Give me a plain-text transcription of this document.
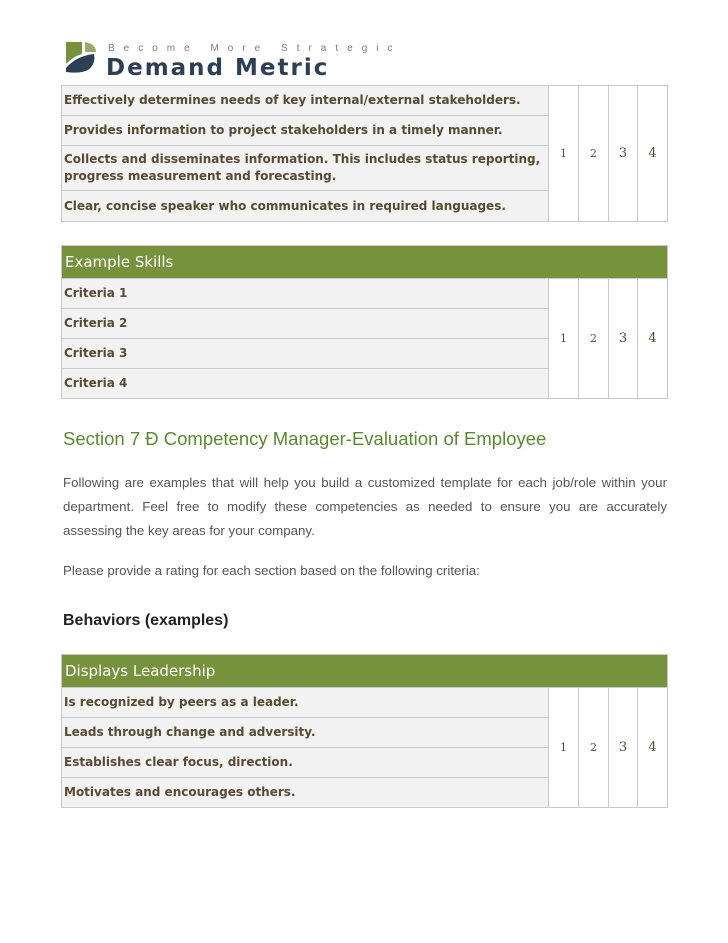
Become More Strategic
Demand Metric
Effectively determines needs of key internal/external stakeholders.	1	2	3	4
Provides information to project stakeholders in a timely manner.
Collects and disseminates information. This includes status reporting, progress measurement and forecasting.
Clear, concise speaker who communicates in required languages.
Example Skills
Criteria 1	1	2	3	4
Criteria 2
Criteria 3
Criteria 4
Section 7 Đ Competency Manager-Evaluation of Employee
Following are examples that will help you build a customized template for each job/role within your department. Feel free to modify these competencies as needed to ensure you are accurately assessing the key areas for your company.
Please provide a rating for each section based on the following criteria:
Behaviors (examples)
Displays Leadership
Is recognized by peers as a leader.	1	2	3	4
Leads through change and adversity.
Establishes clear focus, direction.
Motivates and encourages others.
